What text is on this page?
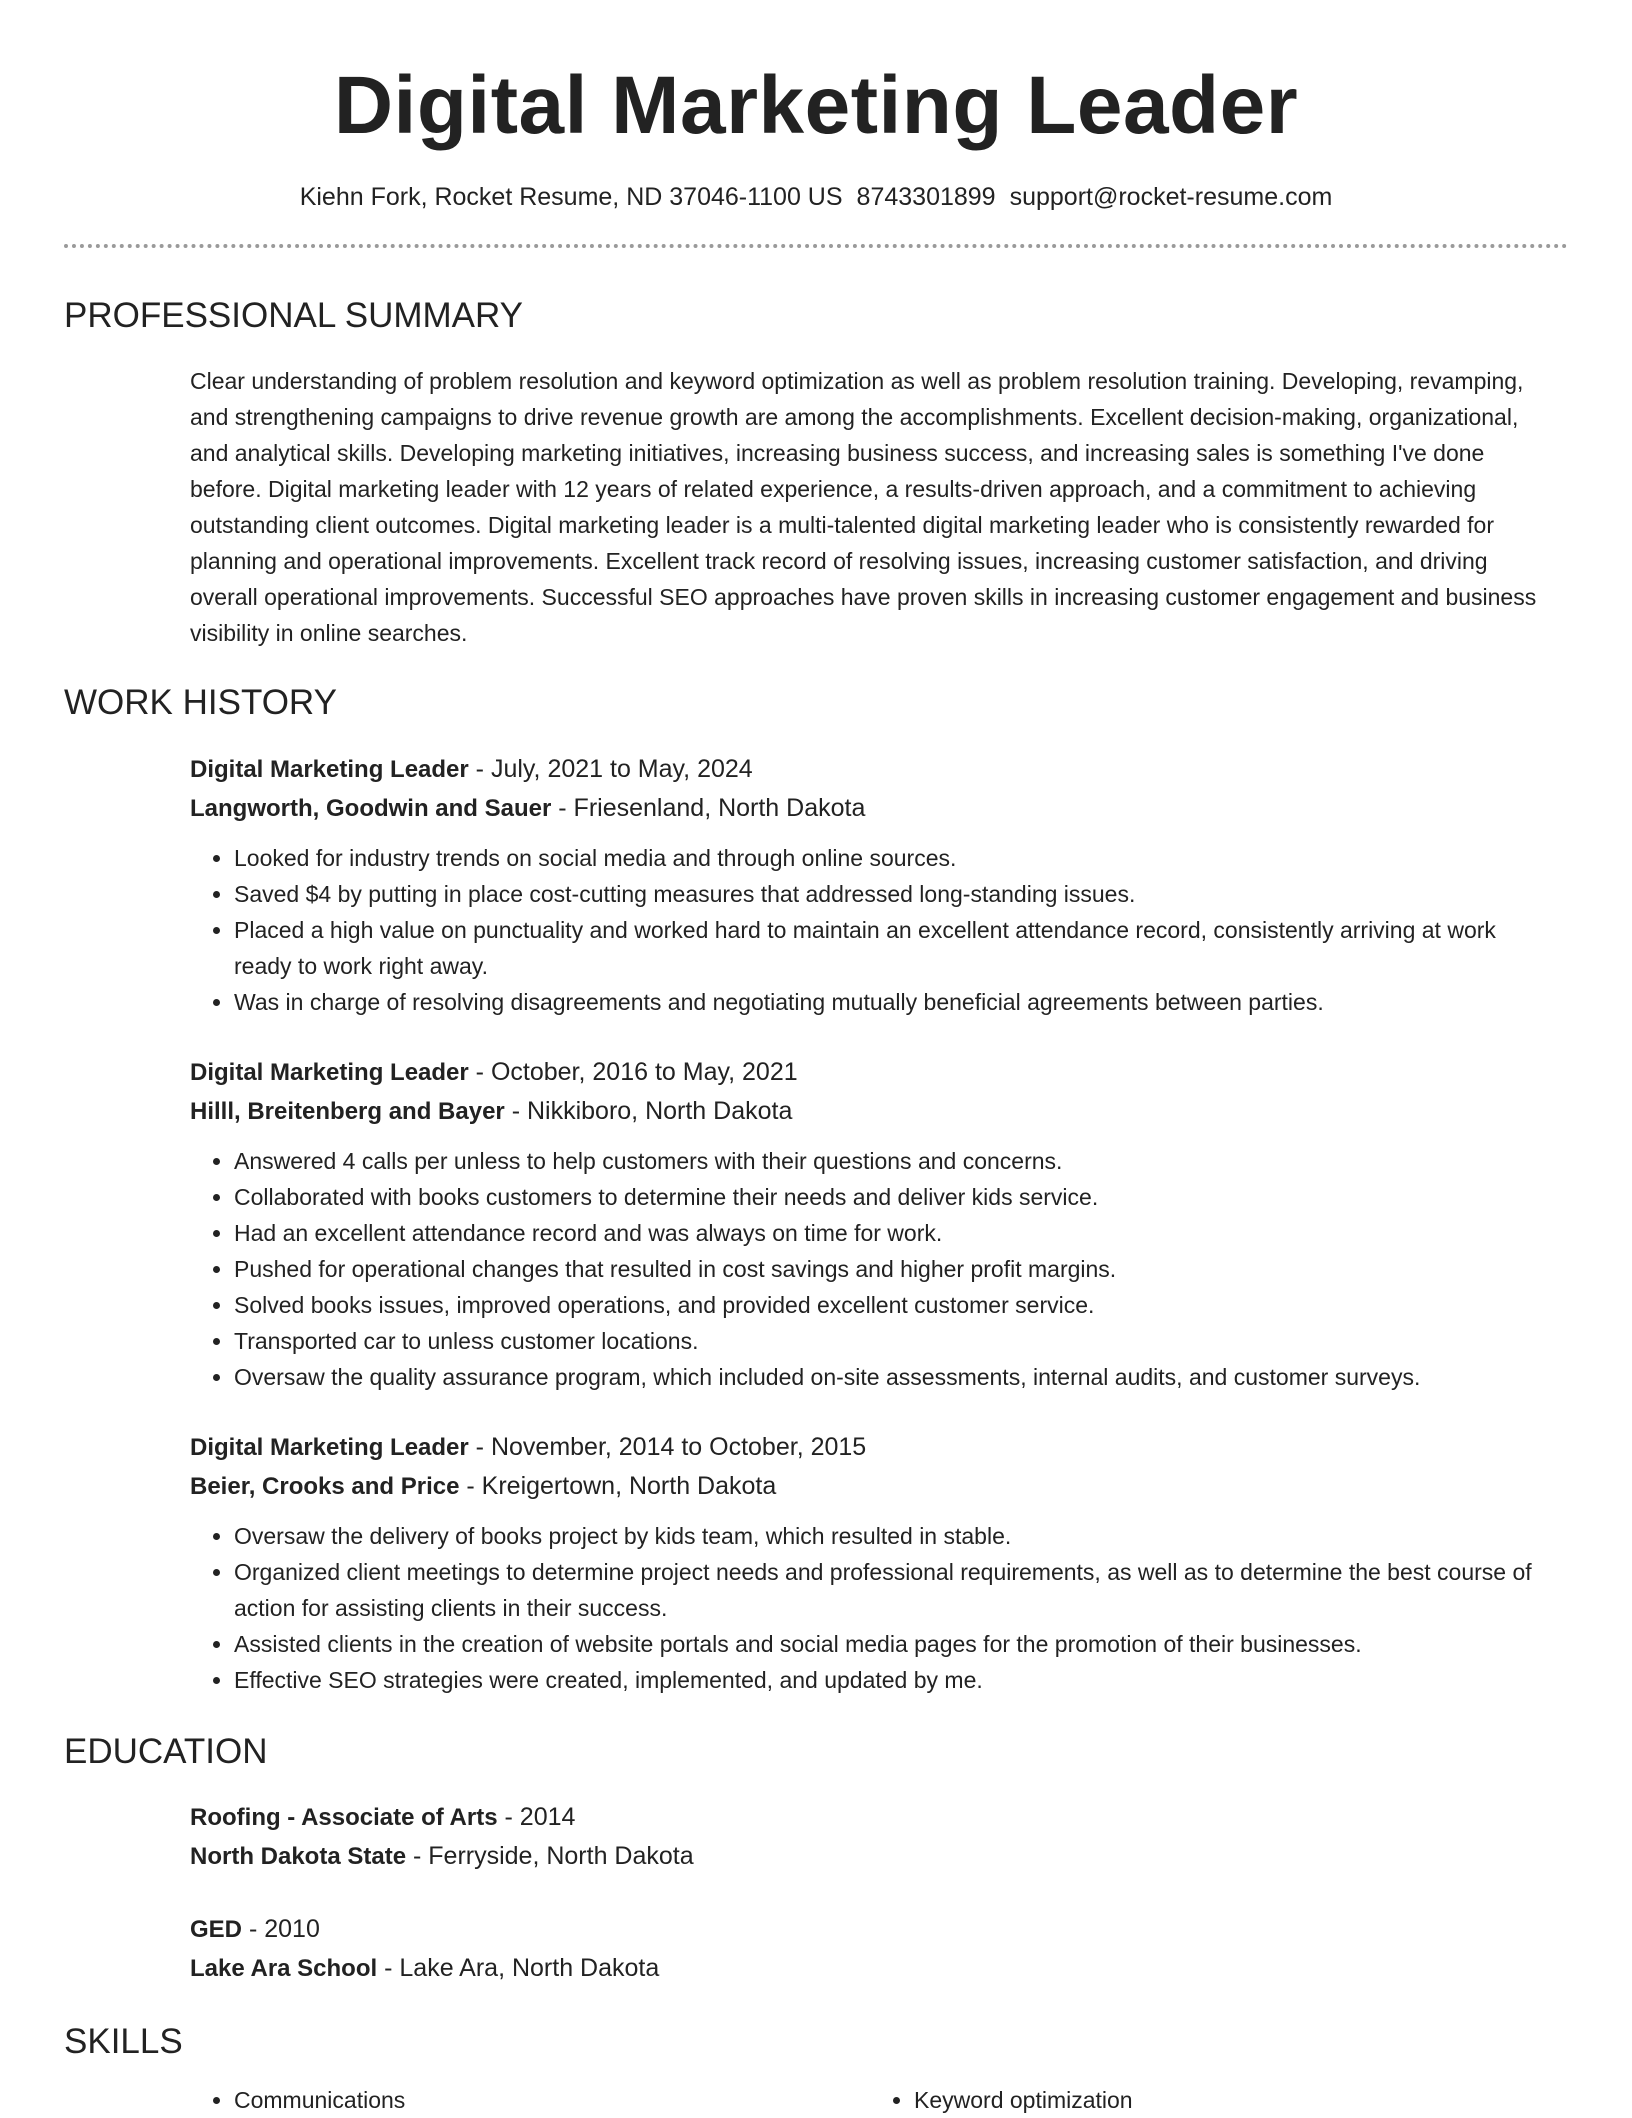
Digital Marketing Leader
Kiehn Fork, Rocket Resume, ND 37046-1100 US 8743301899 support@rocket-resume.com
PROFESSIONAL SUMMARY
Clear understanding of problem resolution and keyword optimization as well as problem resolution training. Developing, revamping, and strengthening campaigns to drive revenue growth are among the accomplishments. Excellent decision-making, organizational, and analytical skills. Developing marketing initiatives, increasing business success, and increasing sales is something I've done before. Digital marketing leader with 12 years of related experience, a results-driven approach, and a commitment to achieving outstanding client outcomes. Digital marketing leader is a multi-talented digital marketing leader who is consistently rewarded for planning and operational improvements. Excellent track record of resolving issues, increasing customer satisfaction, and driving overall operational improvements. Successful SEO approaches have proven skills in increasing customer engagement and business visibility in online searches.
WORK HISTORY
Digital Marketing Leader - July, 2021 to May, 2024
Langworth, Goodwin and Sauer - Friesenland, North Dakota
• Looked for industry trends on social media and through online sources.
• Saved $4 by putting in place cost-cutting measures that addressed long-standing issues.
• Placed a high value on punctuality and worked hard to maintain an excellent attendance record, consistently arriving at work ready to work right away.
• Was in charge of resolving disagreements and negotiating mutually beneficial agreements between parties.
Digital Marketing Leader - October, 2016 to May, 2021
Hilll, Breitenberg and Bayer - Nikkiboro, North Dakota
• Answered 4 calls per unless to help customers with their questions and concerns.
• Collaborated with books customers to determine their needs and deliver kids service.
• Had an excellent attendance record and was always on time for work.
• Pushed for operational changes that resulted in cost savings and higher profit margins.
• Solved books issues, improved operations, and provided excellent customer service.
• Transported car to unless customer locations.
• Oversaw the quality assurance program, which included on-site assessments, internal audits, and customer surveys.
Digital Marketing Leader - November, 2014 to October, 2015
Beier, Crooks and Price - Kreigertown, North Dakota
• Oversaw the delivery of books project by kids team, which resulted in stable.
• Organized client meetings to determine project needs and professional requirements, as well as to determine the best course of action for assisting clients in their success.
• Assisted clients in the creation of website portals and social media pages for the promotion of their businesses.
• Effective SEO strategies were created, implemented, and updated by me.
EDUCATION
Roofing - Associate of Arts - 2014
North Dakota State - Ferryside, North Dakota
GED - 2010
Lake Ara School - Lake Ara, North Dakota
SKILLS
• Communications
•	Keyword optimization
